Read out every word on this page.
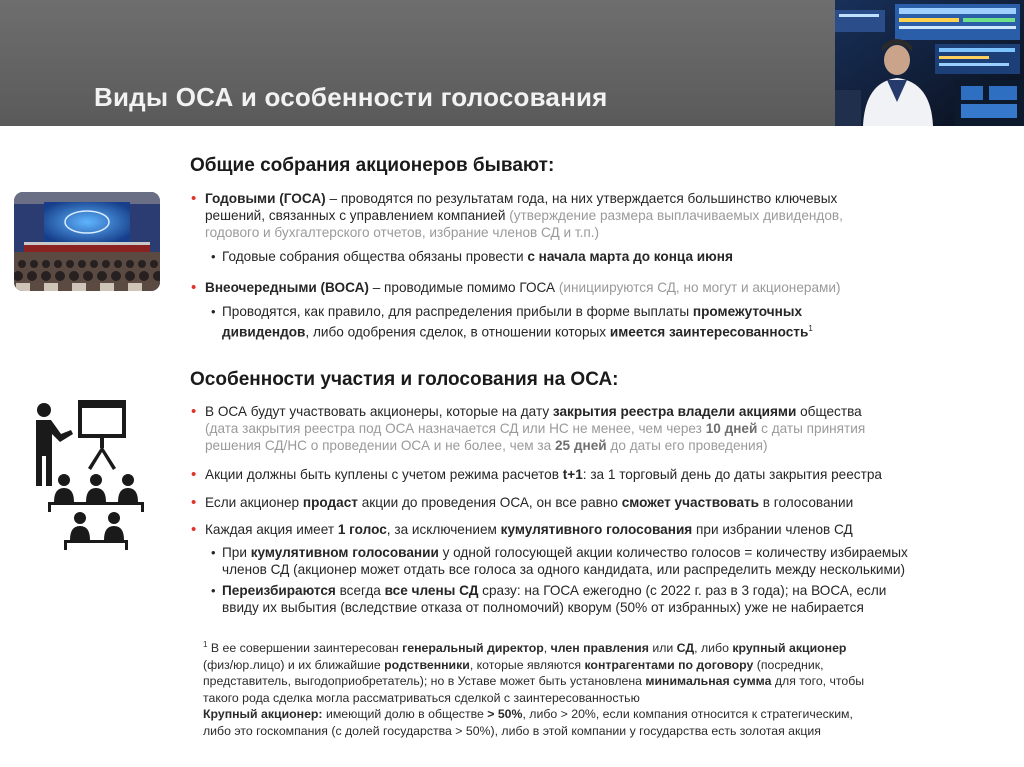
Виды ОСА и особенности голосования
Общие собрания акционеров бывают:
• Годовыми (ГОСА) – проводятся по результатам года, на них утверждается большинство ключевых
решений, связанных с управлением компанией (утверждение размера выплачиваемых дивидендов,
годового и бухгалтерского отчетов, избрание членов СД и т.п.)
• Годовые собрания общества обязаны провести с начала марта до конца июня
• Внеочередными (ВОСА) – проводимые помимо ГОСА (инициируются СД, но могут и акционерами)
• Проводятся, как правило, для распределения прибыли в форме выплаты промежуточных
дивидендов, либо одобрения сделок, в отношении которых имеется заинтересованность$^1$
Особенности участия и голосования на ОСА:
• В ОСА будут участвовать акционеры, которые на дату закрытия реестра владели акциями общества
(дата закрытия реестра под ОСА назначается СД или НС не менее, чем через 10 дней с даты принятия
решения СД/НС о проведении ОСА и не более, чем за 25 дней до даты его проведения)
• Акции должны быть куплены с учетом режима расчетов t+1: за 1 торговый день до даты закрытия реестра
• Если акционер продаст акции до проведения ОСА, он все равно сможет участвовать в голосовании
• Каждая акция имеет 1 голос, за исключением кумулятивного голосования при избрании членов СД
• При кумулятивном голосовании у одной голосующей акции количество голосов = количеству избираемых
членов СД (акционер может отдать все голоса за одного кандидата, или распределить между несколькими)
• Переизбираются всегда все члены СД сразу: на ГОСА ежегодно (с 2022 г. раз в 3 года); на ВОСА, если
ввиду их выбытия (вследствие отказа от полномочий) кворум (50% от избранных) уже не набирается
$^1$ В ее совершении заинтересован генеральный директор, член правления или СД, либо крупный акционер
(физ/юр.лицо) и их ближайшие родственники, которые являются контрагентами по договору (посредник,
представитель, выгодоприобретатель); но в Уставе может быть установлена минимальная сумма для того, чтобы
такого рода сделка могла рассматриваться сделкой с заинтересованностью
Крупный акционер: имеющий долю в обществе > 50%, либо > 20%, если компания относится к стратегическим,
либо это госкомпания (с долей государства > 50%), либо в этой компании у государства есть золотая акция
